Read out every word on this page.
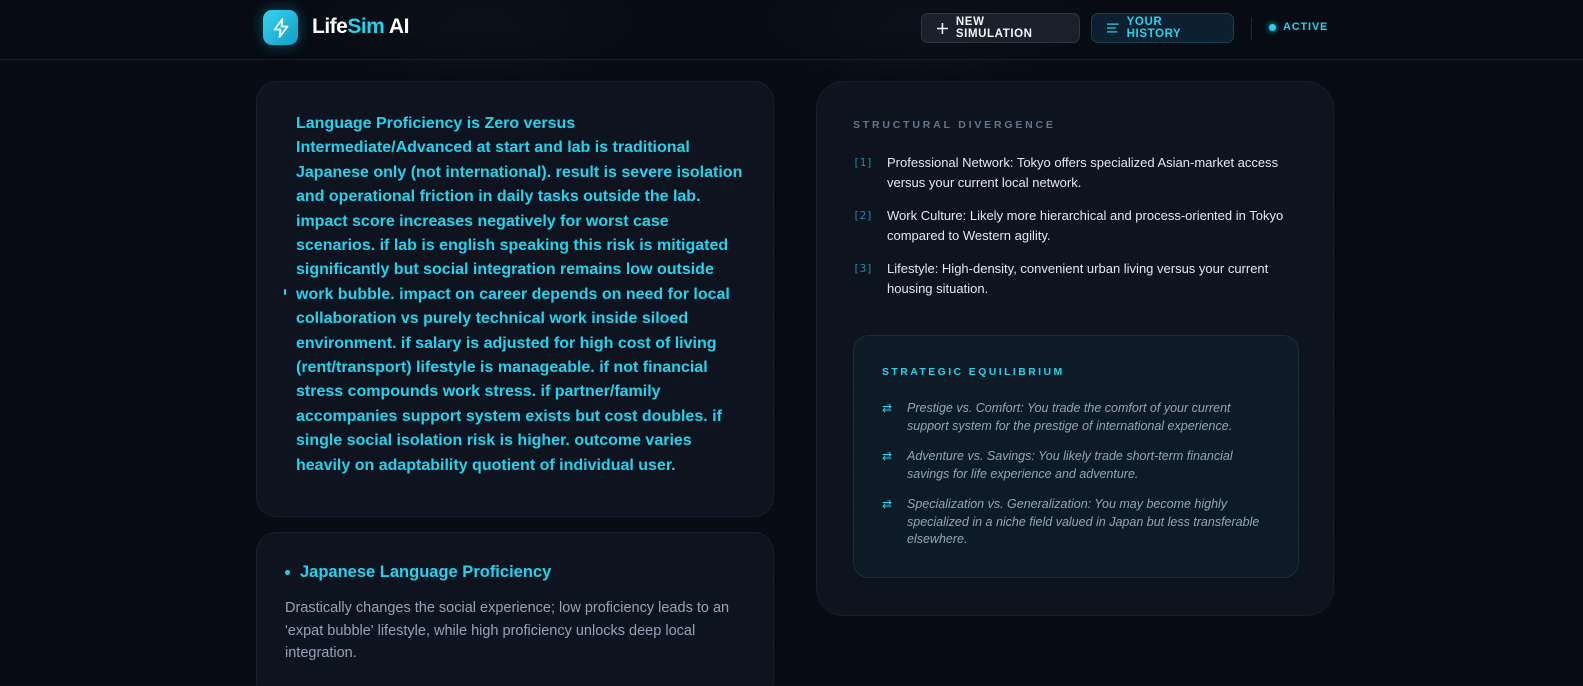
LifeSim AI	NEW SIMULATION
YOUR HISTORY
ACTIVE
Language Proficiency is Zero versus Intermediate/Advanced at start and lab is traditional Japanese only (not international). result is severe isolation and operational friction in daily tasks outside the lab. impact score increases negatively for worst case scenarios. if lab is english speaking this risk is mitigated significantly but social integration remains low outside work bubble. impact on career depends on need for local collaboration vs purely technical work inside siloed environment. if salary is adjusted for high cost of living (rent/transport) lifestyle is manageable. if not financial stress compounds work stress. if partner/family accompanies support system exists but cost doubles. if single social isolation risk is higher. outcome varies heavily on adaptability quotient of individual user.
Japanese Language Proficiency
Drastically changes the social experience; low proficiency leads to an 'expat bubble' lifestyle, while high proficiency unlocks deep local integration.
STRUCTURAL DIVERGENCE
[1]	Professional Network: Tokyo offers specialized Asian-market access versus your current local network.
[2]	Work Culture: Likely more hierarchical and process-oriented in Tokyo compared to Western agility.
[3]	Lifestyle: High-density, convenient urban living versus your current housing situation.
STRATEGIC EQUILIBRIUM
⇄	Prestige vs. Comfort: You trade the comfort of your current support system for the prestige of international experience.
⇄	Adventure vs. Savings: You likely trade short-term financial savings for life experience and adventure.
⇄	Specialization vs. Generalization: You may become highly specialized in a niche field valued in Japan but less transferable elsewhere.
